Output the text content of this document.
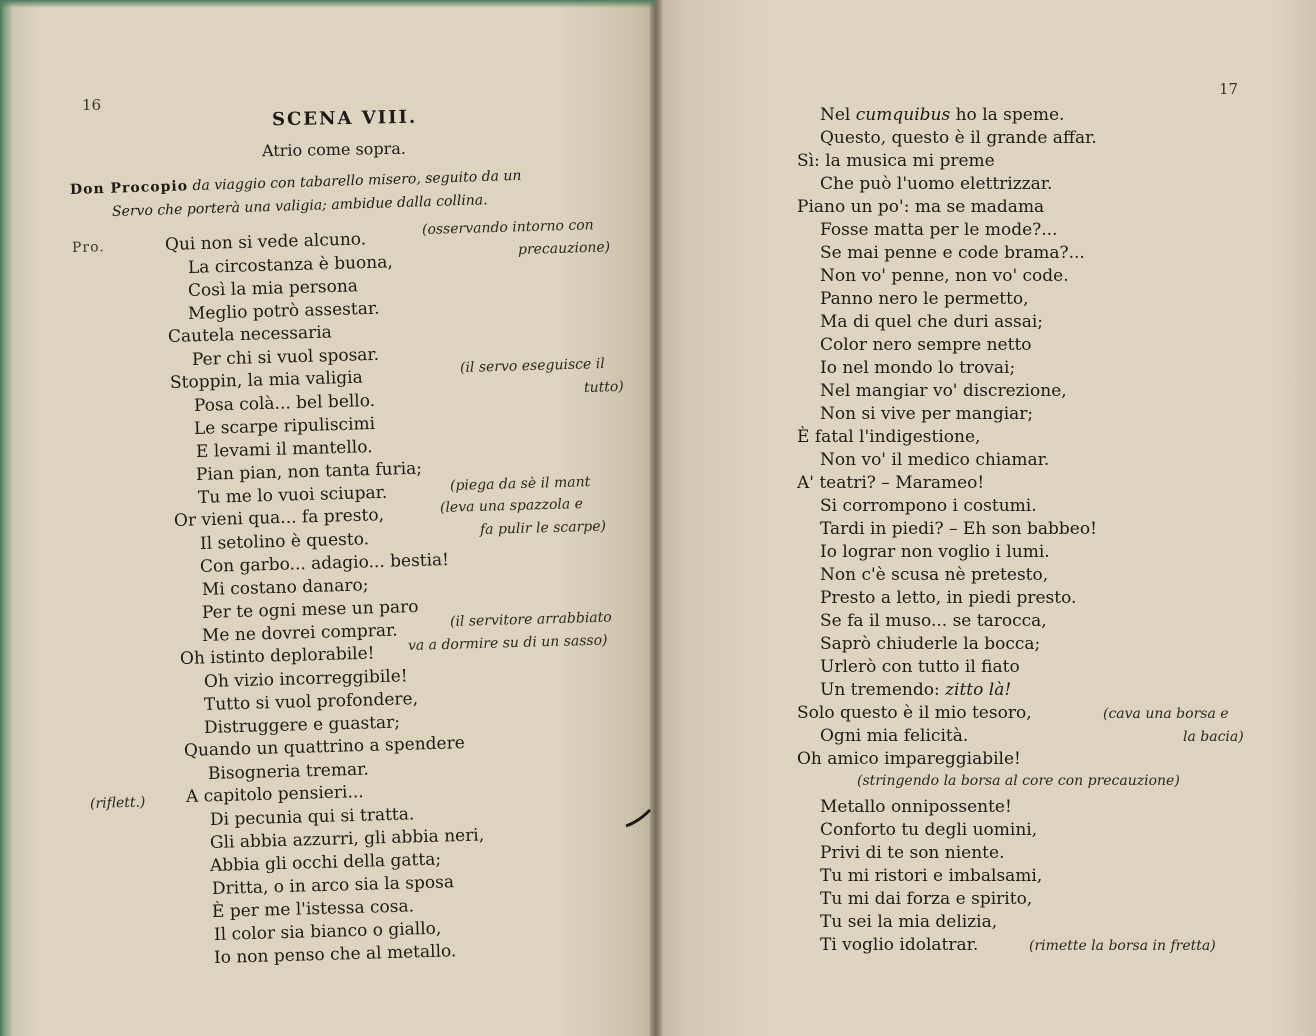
16
SCENA VIII.
Atrio come sopra.
Don Procopio da viaggio con tabarello misero, seguito da un
Servo che porterà una valigia; ambidue dalla collina.
Pro.	Qui non si vede alcuno.
La circostanza è buona,
Così la mia persona
Meglio potrò assestar.
Cautela necessaria
Per chi si vuol sposar.
Stoppin, la mia valigia
Posa colà... bel bello.
Le scarpe ripuliscimi
E levami il mantello.
Pian pian, non tanta furia;
Tu me lo vuoi sciupar.
Or vieni qua... fa presto,
Il setolino è questo.
Con garbo... adagio... bestia!
Mi costano danaro;
Per te ogni mese un paro
Me ne dovrei comprar.
Oh istinto deplorabile!
Oh vizio incorreggibile!
Tutto si vuol profondere,
Distruggere e guastar;
Quando un quattrino a spendere
Bisogneria tremar.
A capitolo pensieri...
Di pecunia qui si tratta.
Gli abbia azzurri, gli abbia neri,
Abbia gli occhi della gatta;
Dritta, o in arco sia la sposa
È per me l'istessa cosa.
Il color sia bianco o giallo,
Io non penso che al metallo.
(osservando intorno con
precauzione)
(il servo eseguisce il
tutto)
(piega da sè il mant
(leva una spazzola e
fa pulir le scarpe)
(il servitore arrabbiato
va a dormire su di un sasso)
(riflett.)
17
Nel cumquibus ho la speme.
Questo, questo è il grande affar.
Sì: la musica mi preme
Che può l'uomo elettrizzar.
Piano un po': ma se madama
Fosse matta per le mode?...
Se mai penne e code brama?...
Non vo' penne, non vo' code.
Panno nero le permetto,
Ma di quel che duri assai;
Color nero sempre netto
Io nel mondo lo trovai;
Nel mangiar vo' discrezione,
Non si vive per mangiar;
È fatal l'indigestione,
Non vo' il medico chiamar.
A' teatri? – Marameo!
Si corrompono i costumi.
Tardi in piedi? – Eh son babbeo!
Io lograr non voglio i lumi.
Non c'è scusa nè pretesto,
Presto a letto, in piedi presto.
Se fa il muso... se tarocca,
Saprò chiuderle la bocca;
Urlerò con tutto il fiato
Un tremendo: zitto là!
Solo questo è il mio tesoro,
Ogni mia felicità.
Oh amico impareggiabile!
Metallo onnipossente!
Conforto tu degli uomini,
Privi di te son niente.
Tu mi ristori e imbalsami,
Tu mi dai forza e spirito,
Tu sei la mia delizia,
Ti voglio idolatrar.
(cava una borsa e
la bacia)
(stringendo la borsa al core con precauzione)
(rimette la borsa in fretta)
